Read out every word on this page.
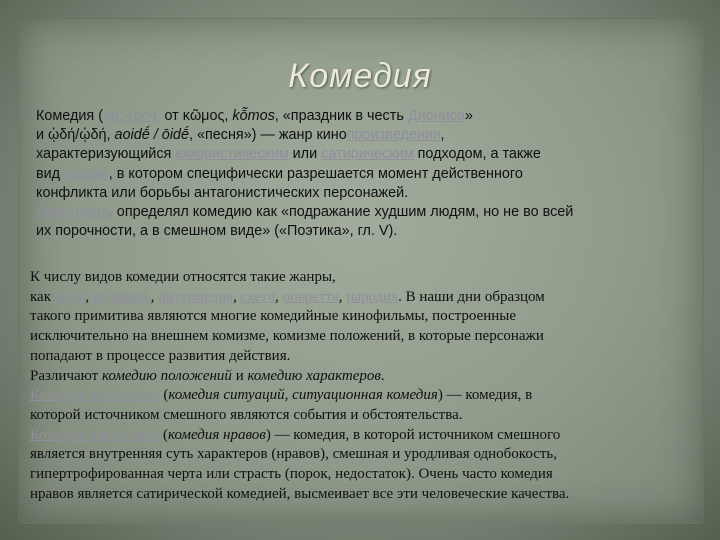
Комедия
Комедия (др.-греч. от κῶμος, kō̃mos, «праздник в честь Диониса»
и ᾠδή/ᾠδή, aoidḗ / ōidḗ, «песня») — жанр кинопроизведения,
характеризующийся юмористическим или сатирическим подходом, а также
вид драмы, в котором специфически разрешается момент действенного
конфликта или борьбы антагонистических персонажей.
Аристотель определял комедию как «подражание худшим людям, но не во всей
их порочности, а в смешном виде» («Поэтика», гл. V).
К числу видов комедии относятся такие жанры,
как фарс, водевиль, интермедия, скетч, оперетта, пародия. В наши дни образцом
такого примитива являются многие комедийные кинофильмы, построенные
исключительно на внешнем комизме, комизме положений, в которые персонажи
попадают в процессе развития действия.
Различают комедию положений и комедию характеров.
Комедия положений (комедия ситуаций, ситуационная комедия) — комедия, в
которой источником смешного являются события и обстоятельства.
Комедия характеров (комедия нравов) — комедия, в которой источником смешного
является внутренняя суть характеров (нравов), смешная и уродливая однобокость,
гипертрофированная черта или страсть (порок, недостаток). Очень часто комедия
нравов является сатирической комедией, высмеивает все эти человеческие качества.
